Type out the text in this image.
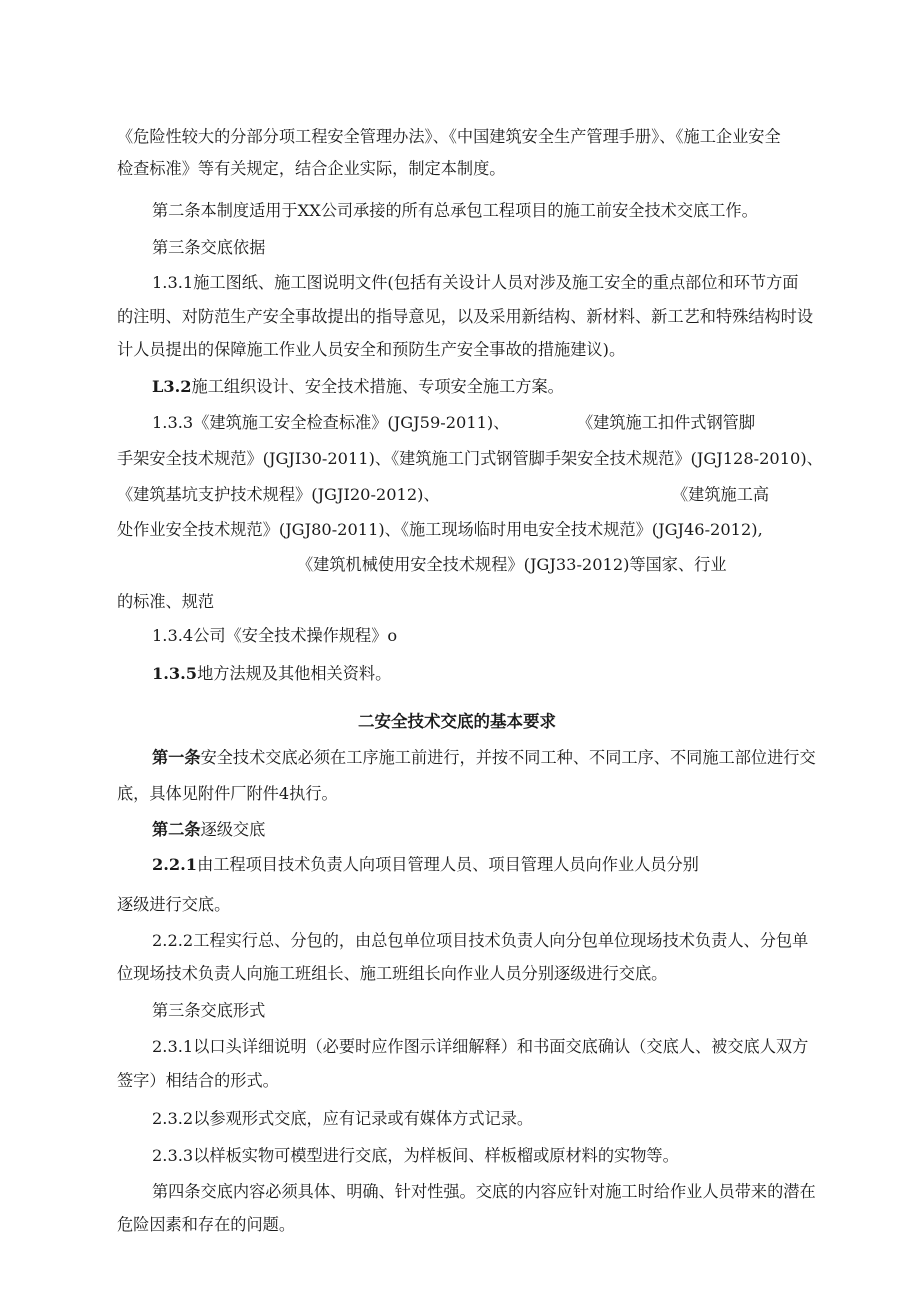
《危险性较大的分部分项工程安全管理办法》、《中国建筑安全生产管理手册》、《施工企业安全

检查标准》等有关规定，结合企业实际，制定本制度。

第二条本制度适用于XX公司承接的所有总承包工程项目的施工前安全技术交底工作。

第三条交底依据

1.3.1施工图纸、施工图说明文件(包括有关设计人员对涉及施工安全的重点部位和环节方面

的注明、对防范生产安全事故提出的指导意见，以及采用新结构、新材料、新工艺和特殊结构时设

计人员提出的保障施工作业人员安全和预防生产安全事故的措施建议)。

L3.2施工组织设计、安全技术措施、专项安全施工方案。

1.3.3《建筑施工安全检查标准》(JGJ59-2011)、	《建筑施工扣件式钢管脚

手架安全技术规范》(JGJI30-2011)、《建筑施工门式钢管脚手架安全技术规范》(JGJ128-2010)、

《建筑基坑支护技术规程》(JGJI20-2012)、	《建筑施工高

处作业安全技术规范》(JGJ80-2011)、《施工现场临时用电安全技术规范》(JGJ46-2012),

《建筑机械使用安全技术规程》(JGJ33-2012)等国家、行业

的标准、规范

1.3.4公司《安全技术操作规程》o

1.3.5地方法规及其他相关资料。

二安全技术交底的基本要求

第一条安全技术交底必须在工序施工前进行，并按不同工种、不同工序、不同施工部位进行交

底，具体见附件厂附件4执行。

第二条逐级交底

2.2.1由工程项目技术负责人向项目管理人员、项目管理人员向作业人员分别

逐级进行交底。

2.2.2工程实行总、分包的，由总包单位项目技术负责人向分包单位现场技术负责人、分包单

位现场技术负责人向施工班组长、施工班组长向作业人员分别逐级进行交底。

第三条交底形式

2.3.1以口头详细说明（必要时应作图示详细解释）和书面交底确认（交底人、被交底人双方

签字）相结合的形式。

2.3.2以参观形式交底，应有记录或有媒体方式记录。

2.3.3以样板实物可模型进行交底，为样板间、样板榴或原材料的实物等。

第四条交底内容必须具体、明确、针对性强。交底的内容应针对施工时给作业人员带来的潜在

危险因素和存在的问题。
